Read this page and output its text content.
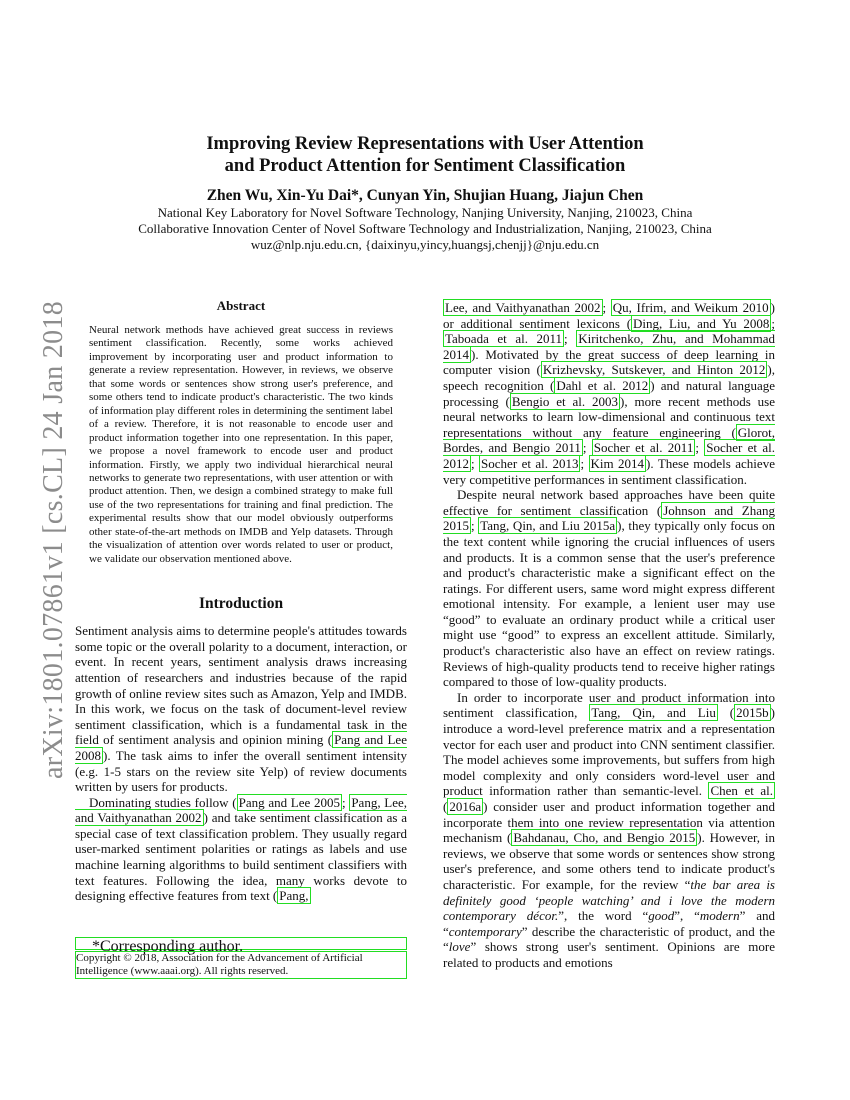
arXiv:1801.07861v1 [cs.CL] 24 Jan 2018
Improving Review Representations with User Attention
and Product Attention for Sentiment Classification
Zhen Wu, Xin-Yu Dai*, Cunyan Yin, Shujian Huang, Jiajun Chen
National Key Laboratory for Novel Software Technology, Nanjing University, Nanjing, 210023, China
Collaborative Innovation Center of Novel Software Technology and Industrialization, Nanjing, 210023, China
wuz@nlp.nju.edu.cn, {daixinyu,yincy,huangsj,chenjj}@nju.edu.cn
Abstract

Neural network methods have achieved great success in reviews sentiment classification. Recently, some works achieved improvement by incorporating user and product information to generate a review representation. However, in reviews, we observe that some words or sentences show strong user's preference, and some others tend to indicate product's characteristic. The two kinds of information play different roles in determining the sentiment label of a review. Therefore, it is not reasonable to encode user and product information together into one representation. In this paper, we propose a novel framework to encode user and product information. Firstly, we apply two individual hierarchical neural networks to generate two representations, with user attention or with product attention. Then, we design a combined strategy to make full use of the two representations for training and final prediction. The experimental results show that our model obviously outperforms other state-of-the-art methods on IMDB and Yelp datasets. Through the visualization of attention over words related to user or product, we validate our observation mentioned above.

Introduction

Sentiment analysis aims to determine people's attitudes towards some topic or the overall polarity to a document, interaction, or event. In recent years, sentiment analysis draws increasing attention of researchers and industries because of the rapid growth of online review sites such as Amazon, Yelp and IMDB. In this work, we focus on the task of document-level review sentiment classification, which is a fundamental task in the field of sentiment analysis and opinion mining ( Pang and Lee 2008 ). The task aims to infer the overall sentiment intensity (e.g. 1-5 stars on the review site Yelp) of review documents written by users for products.

Dominating studies follow ( Pang and Lee 2005 ; Pang, Lee, and Vaithyanathan 2002 ) and take sentiment classification as a special case of text classification problem. They usually regard user-marked sentiment polarities or ratings as labels and use machine learning algorithms to build sentiment classifiers with text features. Following the idea, many works devote to designing effective features from text ( Pang,

*Corresponding author.
Copyright © 2018, Association for the Advancement of Artificial
Intelligence (www.aaai.org). All rights reserved.

Lee, and Vaithyanathan 2002 ; Qu, Ifrim, and Weikum 2010 ) or additional sentiment lexicons ( Ding, Liu, and Yu 2008 ; Taboada et al. 2011 ; Kiritchenko, Zhu, and Mohammad 2014 ). Motivated by the great success of deep learning in computer vision ( Krizhevsky, Sutskever, and Hinton 2012 ), speech recognition ( Dahl et al. 2012 ) and natural language processing ( Bengio et al. 2003 ), more recent methods use neural networks to learn low-dimensional and continuous text representations without any feature engineering ( Glorot, Bordes, and Bengio 2011 ; Socher et al. 2011 ; Socher et al. 2012 ; Socher et al. 2013 ; Kim 2014 ). These models achieve very competitive performances in sentiment classification.

Despite neural network based approaches have been quite effective for sentiment classification ( Johnson and Zhang 2015 ; Tang, Qin, and Liu 2015a ), they typically only focus on the text content while ignoring the crucial influences of users and products. It is a common sense that the user's preference and product's characteristic make a significant effect on the ratings. For different users, same word might express different emotional intensity. For example, a lenient user may use “good” to evaluate an ordinary product while a critical user might use “good” to express an excellent attitude. Similarly, product's characteristic also have an effect on review ratings. Reviews of high-quality products tend to receive higher ratings compared to those of low-quality products.

In order to incorporate user and product information into sentiment classification, Tang, Qin, and Liu ( 2015b ) introduce a word-level preference matrix and a representation vector for each user and product into CNN sentiment classifier. The model achieves some improvements, but suffers from high model complexity and only considers word-level user and product information rather than semantic-level. Chen et al. ( 2016a ) consider user and product information together and incorporate them into one review representation via attention mechanism ( Bahdanau, Cho, and Bengio 2015 ). However, in reviews, we observe that some words or sentences show strong user's preference, and some others tend to indicate product's characteristic. For example, for the review “the bar area is definitely good ‘people watching’ and i love the modern contemporary décor.”, the word “good”, “modern” and “contemporary” describe the characteristic of product, and the “love” shows strong user's sentiment. Opinions are more related to products and emotions
